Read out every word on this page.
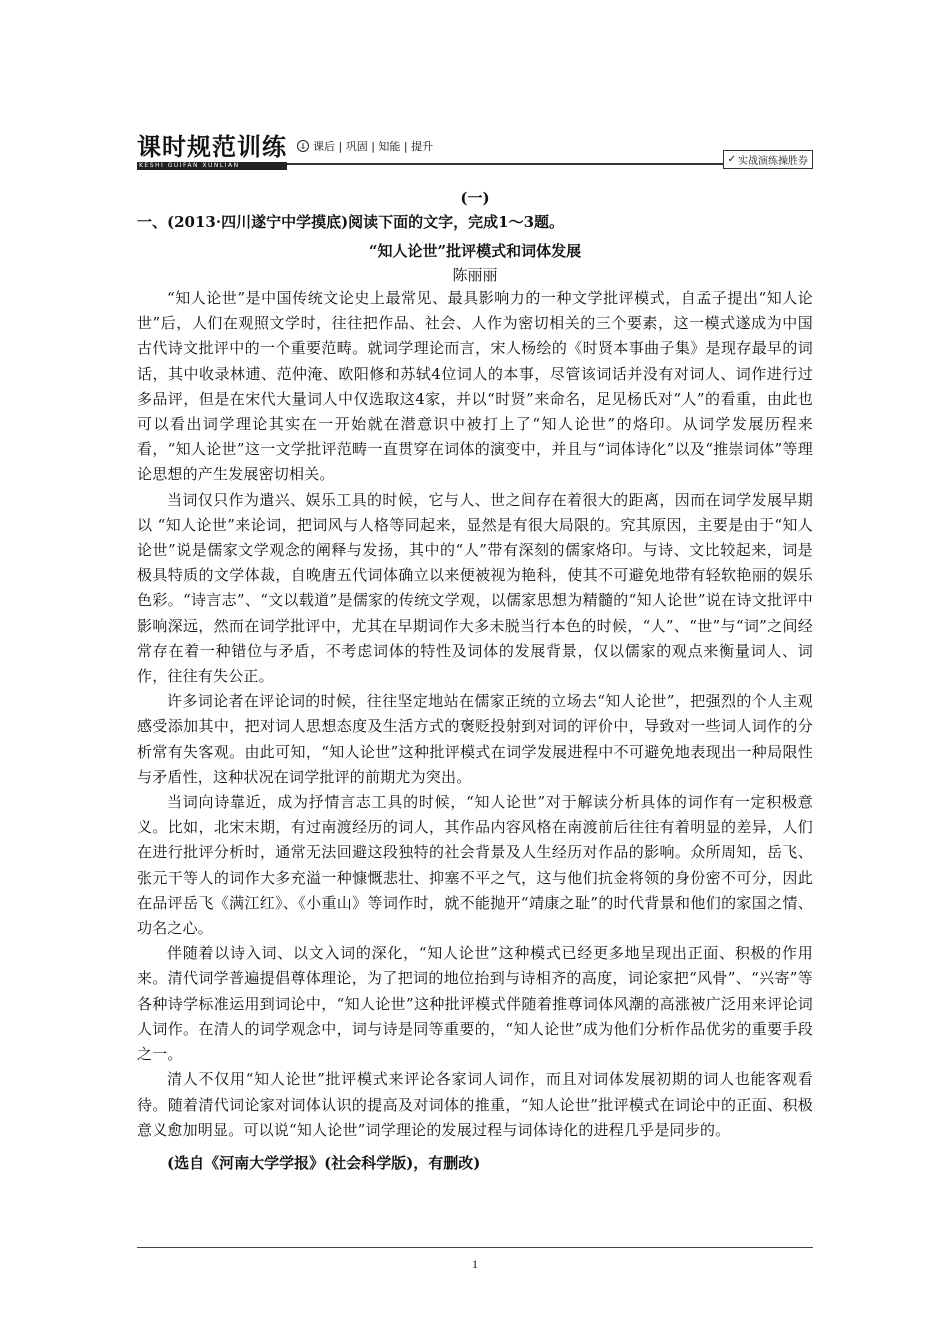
课时规范训练
KESHI GUIFAN XUNLIAN
⇓ 课后 | 巩固 | 知能 | 提升
✓ 实战演练操胜券
(一)
一、(2013·四川遂宁中学摸底)阅读下面的文字，完成1～3题。
“知人论世”批评模式和词体发展
陈丽丽

“知人论世”是中国传统文论史上最常见、最具影响力的一种文学批评模式，自孟子提出“知人论世”后，人们在观照文学时，往往把作品、社会、人作为密切相关的三个要素，这一模式遂成为中国古代诗文批评中的一个重要范畴。就词学理论而言，宋人杨绘的《时贤本事曲子集》是现存最早的词话，其中收录林逋、范仲淹、欧阳修和苏轼4位词人的本事，尽管该词话并没有对词人、词作进行过多品评，但是在宋代大量词人中仅选取这4家，并以“时贤”来命名，足见杨氏对“人”的看重，由此也可以看出词学理论其实在一开始就在潜意识中被打上了“知人论世”的烙印。从词学发展历程来看，“知人论世”这一文学批评范畴一直贯穿在词体的演变中，并且与“词体诗化”以及“推崇词体”等理论思想的产生发展密切相关。

当词仅只作为遣兴、娱乐工具的时候，它与人、世之间存在着很大的距离，因而在词学发展早期以 “知人论世”来论词，把词风与人格等同起来，显然是有很大局限的。究其原因，主要是由于“知人论世”说是儒家文学观念的阐释与发扬，其中的“人”带有深刻的儒家烙印。与诗、文比较起来，词是极具特质的文学体裁，自晚唐五代词体确立以来便被视为艳科，使其不可避免地带有轻软艳丽的娱乐色彩。“诗言志”、“文以载道”是儒家的传统文学观，以儒家思想为精髓的“知人论世”说在诗文批评中影响深远，然而在词学批评中，尤其在早期词作大多未脱当行本色的时候，“人”、“世”与“词”之间经常存在着一种错位与矛盾，不考虑词体的特性及词体的发展背景，仅以儒家的观点来衡量词人、词作，往往有失公正。

许多词论者在评论词的时候，往往坚定地站在儒家正统的立场去“知人论世”，把强烈的个人主观感受添加其中，把对词人思想态度及生活方式的褒贬投射到对词的评价中，导致对一些词人词作的分析常有失客观。由此可知，“知人论世”这种批评模式在词学发展进程中不可避免地表现出一种局限性与矛盾性，这种状况在词学批评的前期尤为突出。

当词向诗靠近，成为抒情言志工具的时候，“知人论世”对于解读分析具体的词作有一定积极意义。比如，北宋末期，有过南渡经历的词人，其作品内容风格在南渡前后往往有着明显的差异，人们在进行批评分析时，通常无法回避这段独特的社会背景及人生经历对作品的影响。众所周知，岳飞、张元干等人的词作大多充溢一种慷慨悲壮、抑塞不平之气，这与他们抗金将领的身份密不可分，因此在品评岳飞《满江红》、《小重山》等词作时，就不能抛开“靖康之耻”的时代背景和他们的家国之情、功名之心。

伴随着以诗入词、以文入词的深化，“知人论世”这种模式已经更多地呈现出正面、积极的作用来。清代词学普遍提倡尊体理论，为了把词的地位抬到与诗相齐的高度，词论家把“风骨”、“兴寄”等各种诗学标准运用到词论中，“知人论世”这种批评模式伴随着推尊词体风潮的高涨被广泛用来评论词人词作。在清人的词学观念中，词与诗是同等重要的，“知人论世”成为他们分析作品优劣的重要手段之一。

清人不仅用“知人论世”批评模式来评论各家词人词作，而且对词体发展初期的词人也能客观看待。随着清代词论家对词体认识的提高及对词体的推重，“知人论世”批评模式在词论中的正面、积极意义愈加明显。可以说“知人论世”词学理论的发展过程与词体诗化的进程几乎是同步的。

(选自《河南大学学报》(社会科学版)，有删改)
1
